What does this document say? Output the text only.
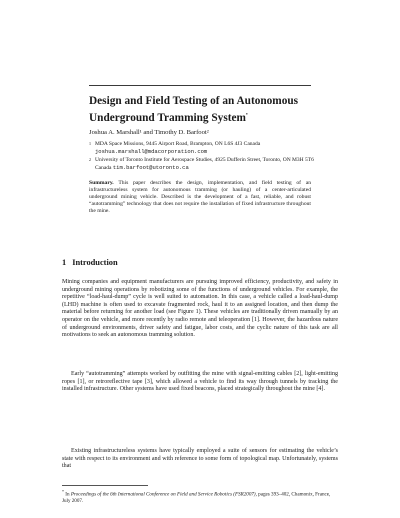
Design and Field Testing of an Autonomous Underground Tramming System*
Joshua A. Marshall¹ and Timothy D. Barfoot²
1 MDA Space Missions, 9445 Airport Road, Brampton, ON L6S 4J3 Canada
joshua.marshall@mdacorporation.com
2 University of Toronto Institute for Aerospace Studies, 4925 Dufferin Street, Toronto, ON M3H 5T6 Canada tim.barfoot@utoronto.ca
Summary. This paper describes the design, implementation, and field testing of an infrastructureless system for autonomous tramming (or hauling) of a center-articulated underground mining vehicle. Described is the development of a fast, reliable, and robust “autotramming” technology that does not require the installation of fixed infrastructure throughout the mine.
1 Introduction
Mining companies and equipment manufacturers are pursuing improved efficiency, productivity, and safety in underground mining operations by robotizing some of the functions of underground vehicles. For example, the repetitive “load-haul-dump” cycle is well suited to automation. In this case, a vehicle called a load-haul-dump (LHD) machine is often used to excavate fragmented rock, haul it to an assigned location, and then dump the material before returning for another load (see Figure 1). These vehicles are traditionally driven manually by an operator on the vehicle, and more recently by radio remote and teleoperation [1]. However, the hazardous nature of underground environments, driver safety and fatigue, labor costs, and the cyclic nature of this task are all motivations to seek an autonomous tramming solution.
Early “autotramming” attempts worked by outfitting the mine with signal-emitting cables [2], light-emitting ropes [1], or retroreflective tape [3], which allowed a vehicle to find its way through tunnels by tracking the installed infrastructure. Other systems have used fixed beacons, placed strategically throughout the mine [4].
Existing infrastructureless systems have typically employed a suite of sensors for estimating the vehicle’s state with respect to its environment and with reference to some form of topological map. Unfortunately, systems that
* In Proceedings of the 6th International Conference on Field and Service Robotics (FSR2007), pages 393–402, Chamonix, France, July 2007.
